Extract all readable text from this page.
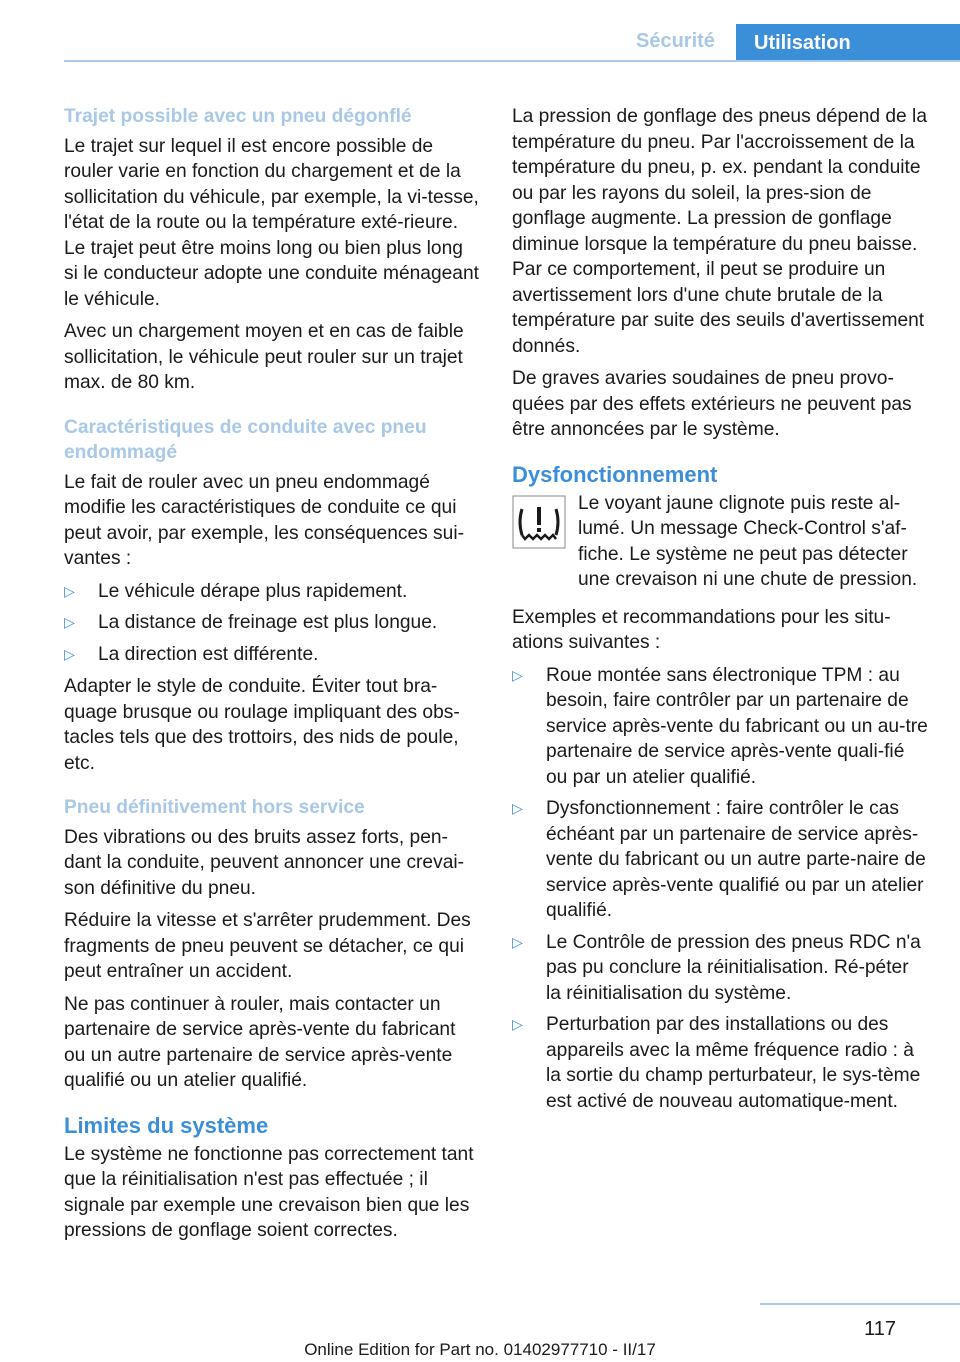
Sécurité	Utilisation
Trajet possible avec un pneu dégonflé

Le trajet sur lequel il est encore possible de rouler varie en fonction du chargement et de la sollicitation du véhicule, par exemple, la vi-tesse, l'état de la route ou la température exté-rieure. Le trajet peut être moins long ou bien plus long si le conducteur adopte une conduite ménageant le véhicule.

Avec un chargement moyen et en cas de faible sollicitation, le véhicule peut rouler sur un trajet max. de 80 km.

Caractéristiques de conduite avec pneu endommagé

Le fait de rouler avec un pneu endommagé modifie les caractéristiques de conduite ce qui peut avoir, par exemple, les conséquences sui-vantes :

▷ Le véhicule dérape plus rapidement.
▷ La distance de freinage est plus longue.
▷ La direction est différente.

Adapter le style de conduite. Éviter tout bra-quage brusque ou roulage impliquant des obs-tacles tels que des trottoirs, des nids de poule, etc.

Pneu définitivement hors service

Des vibrations ou des bruits assez forts, pen-dant la conduite, peuvent annoncer une crevai-son définitive du pneu.

Réduire la vitesse et s'arrêter prudemment. Des fragments de pneu peuvent se détacher, ce qui peut entraîner un accident.

Ne pas continuer à rouler, mais contacter un partenaire de service après-vente du fabricant ou un autre partenaire de service après-vente qualifié ou un atelier qualifié.

Limites du système

Le système ne fonctionne pas correctement tant que la réinitialisation n'est pas effectuée ; il signale par exemple une crevaison bien que les pressions de gonflage soient correctes.

La pression de gonflage des pneus dépend de la température du pneu. Par l'accroissement de la température du pneu, p. ex. pendant la conduite ou par les rayons du soleil, la pres-sion de gonflage augmente. La pression de gonflage diminue lorsque la température du pneu baisse. Par ce comportement, il peut se produire un avertissement lors d'une chute brutale de la température par suite des seuils d'avertissement donnés.

De graves avaries soudaines de pneu provo-quées par des effets extérieurs ne peuvent pas être annoncées par le système.

Dysfonctionnement

Le voyant jaune clignote puis reste al-lumé. Un message Check-Control s'af-fiche. Le système ne peut pas détecter une crevaison ni une chute de pression.

Exemples et recommandations pour les situ-ations suivantes :

▷ Roue montée sans électronique TPM : au besoin, faire contrôler par un partenaire de service après-vente du fabricant ou un au-tre partenaire de service après-vente quali-fié ou par un atelier qualifié.
▷ Dysfonctionnement : faire contrôler le cas échéant par un partenaire de service après-vente du fabricant ou un autre parte-naire de service après-vente qualifié ou par un atelier qualifié.
▷ Le Contrôle de pression des pneus RDC n'a pas pu conclure la réinitialisation. Ré-péter la réinitialisation du système.
▷ Perturbation par des installations ou des appareils avec la même fréquence radio : à la sortie du champ perturbateur, le sys-tème est activé de nouveau automatique-ment.
117
Online Edition for Part no. 01402977710 - II/17
